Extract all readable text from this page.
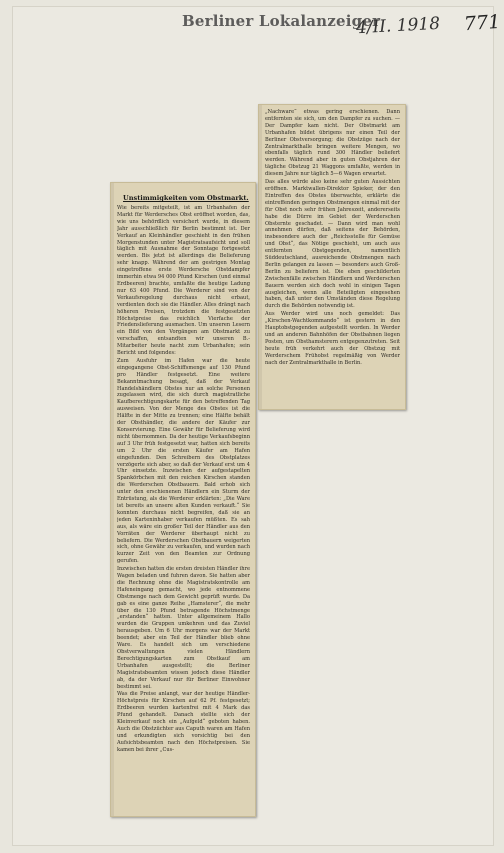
Berliner Lokalanzeiger
4/II. 1918 771

„Nachware“ etwas gering erschienen. Dann entfernten sie sich, um den Dampfer zu suchen. — Der Dampfer kam nicht. Der Obstmarkt am Urbanhafen bildet übrigens nur einen Teil der Berliner Obstversorgung; die Obstzüge nach der Zentralmarkthalle bringen weitere Mengen, wo ebenfalls täglich rund 300 Händler beliefert werden. Während aber in guten Obstjahren der tägliche Obstzug 21 Waggons umfaßte, werden in diesem Jahre nur täglich 5—6 Wagen erwartet.

Das alles würde also keine sehr guten Aussichten eröffnen. Marktwallen-Direktor Spieker, der den Eintreffen des Obstes überwachte, erklärte die eintreffenden geringen Obstmengen einmal mit der für Obst noch sehr frühen Jahreszeit, andererseits habe die Dürre im Gebiet der Werderschen Obsternte geschadet. — Dann wird man wohl annehmen dürfen, daß seitens der Behörden, insbesondere auch der „Reichsstelle für Gemüse und Obst“, das Nötige geschieht, um auch aus entfernten Obstgegenden, namentlich Süddeutschland, ausreichende Obstmengen nach Berlin gelangen zu lassen — besonders auch Groß-Berlin zu beliefern ist. Die eben geschilderten Zwischenfälle zwischen Händlern und Werderschen Bauern werden sich doch wohl in einigen Tagen ausgleichen, wenn alle Beteiligten eingesehen haben, daß unter den Umständen diese Regelung durch die Behörden notwendig ist.

Aus Werder wird uns noch gemeldet: Das „Kirschen-Wachtkommando“ ist gestern in den Hauptobstgegenden aufgestellt worden. In Werder und an anderen Bahnhöfen der Obstbahnen liegen Posten, um Obsthamsterern entgegenzutreten. Seit heute früh verkehrt auch der Obstzug mit Werderschem Frühobst regelmäßig von Werder nach der Zentralmarkthalle in Berlin.

Unstimmigkeiten vom Obstmarkt.

Wie bereits mitgeteilt, ist am Urbanhafen der Markt für Werdersches Obst eröffnet worden, das, wie uns behördlich versichert wurde, in diesem Jahr ausschließlich für Berlin bestimmt ist. Der Verkauf an Kleinhändler geschieht in den frühen Morgenstunden unter Magistratsaufsicht und soll täglich mit Ausnahme der Sonntage fortgesetzt werden. Bis jetzt ist allerdings die Belieferung sehr knapp. Während der am gestrigen Montag eingetroffene erste Werdersche Obstdampfer immerhin etwa 94 000 Pfund Kirschen (und einmal Erdbeeren) brachte, umfaßte die heutige Ladung nur 63 400 Pfund. Die Werderer sind von der Verkaufsregelung durchaus nicht erbaut, verdienten doch sie die Händler. Alles drängt nach höheren Preisen, trotzdem die festgesetzten Höchstpreise das reichlich Vierfache der Friedenslieferung ausmachen. Um unseren Lesern ein Bild von den Vorgängen am Obstmarkt zu verschaffen, entsandten wir unseren B.-Mitarbeiter heute nacht zum Urbanhafen; sein Bericht und folgendes:

Zum Ausfuhr im Hafen war die heute eingegangene Obst-Schiffsmenge auf 130 Pfund pro Händler festgesetzt. Eine weitere Bekanntmachung besagt, daß der Verkauf Handelshändlern Obstes nur an solche Personen zugelassen wird, die sich durch magistratliche Kaufberechtigungskarte für den betreffenden Tag ausweisen. Von der Menge des Obstes ist die Hälfte in der Mitte zu trennen; eine Hälfte behält der Obsthändler, die andere der Käufer zur Konservierung. Eine Gewähr für Belieferung wird nicht übernommen. Da der heutige Verkaufsbeginn auf 3 Uhr früh festgesetzt war, hatten sich bereits um 2 Uhr die ersten Käufer am Hafen eingefunden. Den Schreibern des Obstplatzes verzögerte sich aber, so daß der Verkauf erst um 4 Uhr einsetzte. Inzwischen der aufgestapelten Spankörbchen mit den reichen Kirschen standen die Werderschen Obstbauern. Bald erhob sich unter den erschienenen Händlern ein Sturm der Entrüstung, als die Werderer erklärten: „Die Ware ist bereits an unsere alten Kunden verkauft.“ Sie konnten durchaus nicht begreifen, daß sie an jeden Karteninhaber verkaufen müßten. Es sah aus, als wäre ein großer Teil der Händler aus den Vorräten der Werderer überhaupt nicht zu beliefern. Die Werderschen Obstbauern weigerten sich, ohne Gewähr zu verkaufen, und wurden nach kurzer Zeit von den Beamten zur Ordnung gerufen.

Inzwischen hatten die ersten dreisten Händler ihre Wagen beladen und fuhren davon. Sie hatten aber die Rechnung ohne die Magistratskontrolle am Hafeneingang gemacht, wo jede entnommene Obstmenge nach dem Gewicht geprüft wurde. Da gab es eine ganze Reihe „Hamsterer“, die mehr über die 130 Pfund betragende Höchstmenge „erstanden“ hatten. Unter allgemeinem Hallo wurden die Gruppen umkehren und das Zuviel herausgeben. Um 6 Uhr morgens war der Markt beendet; aber ein Teil der Händler blieb ohne Ware. Es handelt sich um verschiedene Obstverwaltungen vielen Händlern Berechtigungskarten zum Obstkauf am Urbanhafen ausgestellt; die Berliner Magistratsbeamten wissen jedoch diese Händler ab, da der Verkauf nur für Berliner Einwohner bestimmt sei.

Was die Preise anlangt, war der heutige Händler-Höchstpreis für Kirschen auf 62 Pf. festgesetzt; Erdbeeren wurden kartenfrei mit 4 Mark das Pfund gehandelt. Danach stellte sich der Kleinverkauf noch ein „Aufgeld“ geboten haben. Auch die Obstzüchter aus Caputh waren am Hafen und erkundigten sich vorsichtig bei den Aufsichtsbeamten nach den Höchstpreisen. Sie kamen bei ihrer „Cus-
